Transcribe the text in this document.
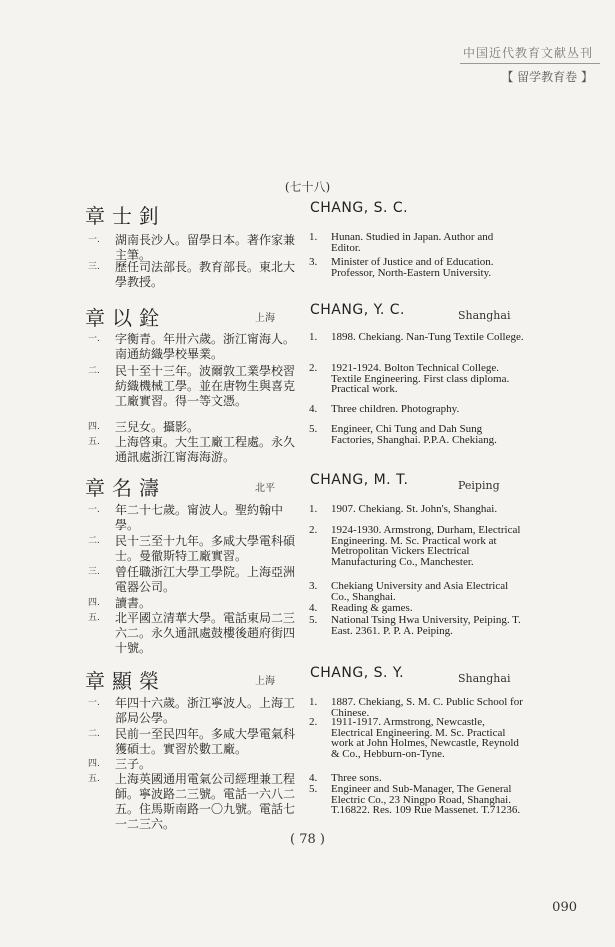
中国近代教育文献丛刊
【 留学教育卷 】
(七十八)
章士釗	CHANG, S. C.
一.	湖南長沙人。留學日本。著作家兼主筆。
三.	歷任司法部長。教育部長。東北大學教授。
1.	Hunan. Studied in Japan. Author and Editor.
3.	Minister of Justice and of Education. Professor, North-Eastern University.
章以銓	上海
CHANG, Y. C.	Shanghai
一.	字衡青。年卅六歲。浙江甯海人。南通紡織學校畢業。
二.	民十至十三年。波爾敦工業學校習紡織機械工學。並在唐物生與喜克工廠實習。得一等文憑。
四.	三兒女。攝影。
五.	上海啓東。大生工廠工程處。永久通訊處浙江甯海海游。
1.	1898. Chekiang. Nan-Tung Textile College.
2.	1921-1924. Bolton Technical College. Textile Engineering. First class diploma. Practical work.
4.	Three children. Photography.
5.	Engineer, Chi Tung and Dah Sung Factories, Shanghai. P.P.A. Chekiang.
章名濤	北平
CHANG, M. T.	Peiping
一.	年二十七歲。甯波人。聖約翰中學。
二.	民十三至十九年。多咸大學電科碩士。曼徹斯特工廠實習。
三.	曾任職浙江大學工學院。上海亞洲電器公司。
四.	讀書。
五.	北平國立清華大學。電話東局二三六二。永久通訊處鼓樓後趙府街四十號。
1.	1907. Chekiang. St. John's, Shanghai.
2.	1924-1930. Armstrong, Durham, Electrical Engineering. M. Sc. Practical work at Metropolitan Vickers Electrical Manufacturing Co., Manchester.
3.	Chekiang University and Asia Electrical Co., Shanghai.
4.	Reading & games.
5.	National Tsing Hwa University, Peiping. T. East. 2361. P. P. A. Peiping.
章顯榮	上海
CHANG, S. Y.	Shanghai
一.	年四十六歲。浙江寧波人。上海工部局公學。
二.	民前一至民四年。多咸大學電氣科獲碩士。實習於數工廠。
四.	三子。
五.	上海英國通用電氣公司經理兼工程師。寧波路二三號。電話一六八二五。住馬斯南路一〇九號。電話七一二三六。
1.	1887. Chekiang, S. M. C. Public School for Chinese.
2.	1911-1917. Armstrong, Newcastle, Electrical Engineering. M. Sc. Practical work at John Holmes, Newcastle, Reynold & Co., Hebburn-on-Tyne.
4.	Three sons.
5.	Engineer and Sub-Manager, The General Electric Co., 23 Ningpo Road, Shanghai. T.16822. Res. 109 Rue Massenet. T.71236.
( 78 )
090
